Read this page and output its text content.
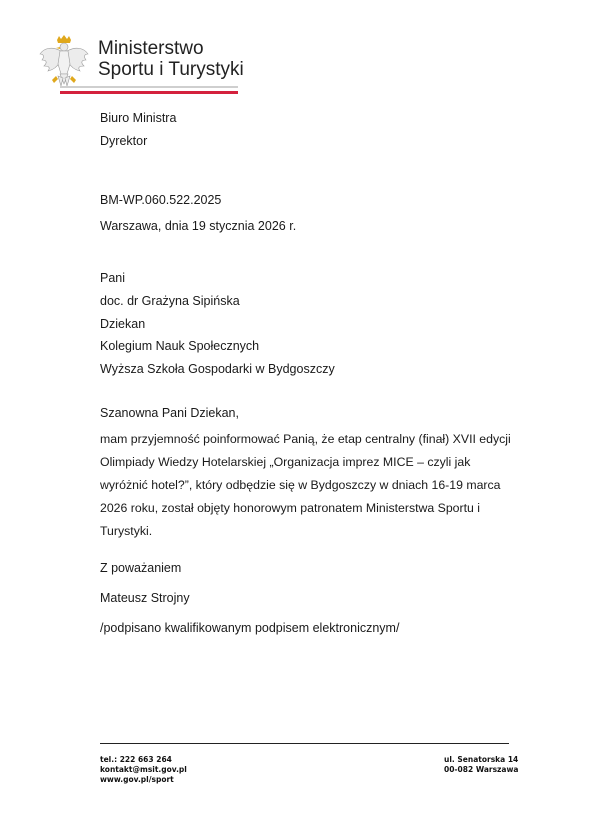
Ministerstwo
Sportu i Turystyki
Biuro Ministra
Dyrektor
BM-WP.060.522.2025
Warszawa, dnia 19 stycznia 2026 r.
Pani
doc. dr Grażyna Sipińska
Dziekan
Kolegium Nauk Społecznych
Wyższa Szkoła Gospodarki w Bydgoszczy
Szanowna Pani Dziekan,
mam przyjemność poinformować Panią, że etap centralny (finał) XVII edycji Olimpiady Wiedzy Hotelarskiej „Organizacja imprez MICE – czyli jak wyróżnić hotel?”, który odbędzie się w Bydgoszczy w dniach 16-19 marca 2026 roku, został objęty honorowym patronatem Ministerstwa Sportu i Turystyki.
Z poważaniem
Mateusz Strojny
/podpisano kwalifikowanym podpisem elektronicznym/
tel.: 222 663 264
kontakt@msit.gov.pl
www.gov.pl/sport
ul. Senatorska 14
00-082 Warszawa
